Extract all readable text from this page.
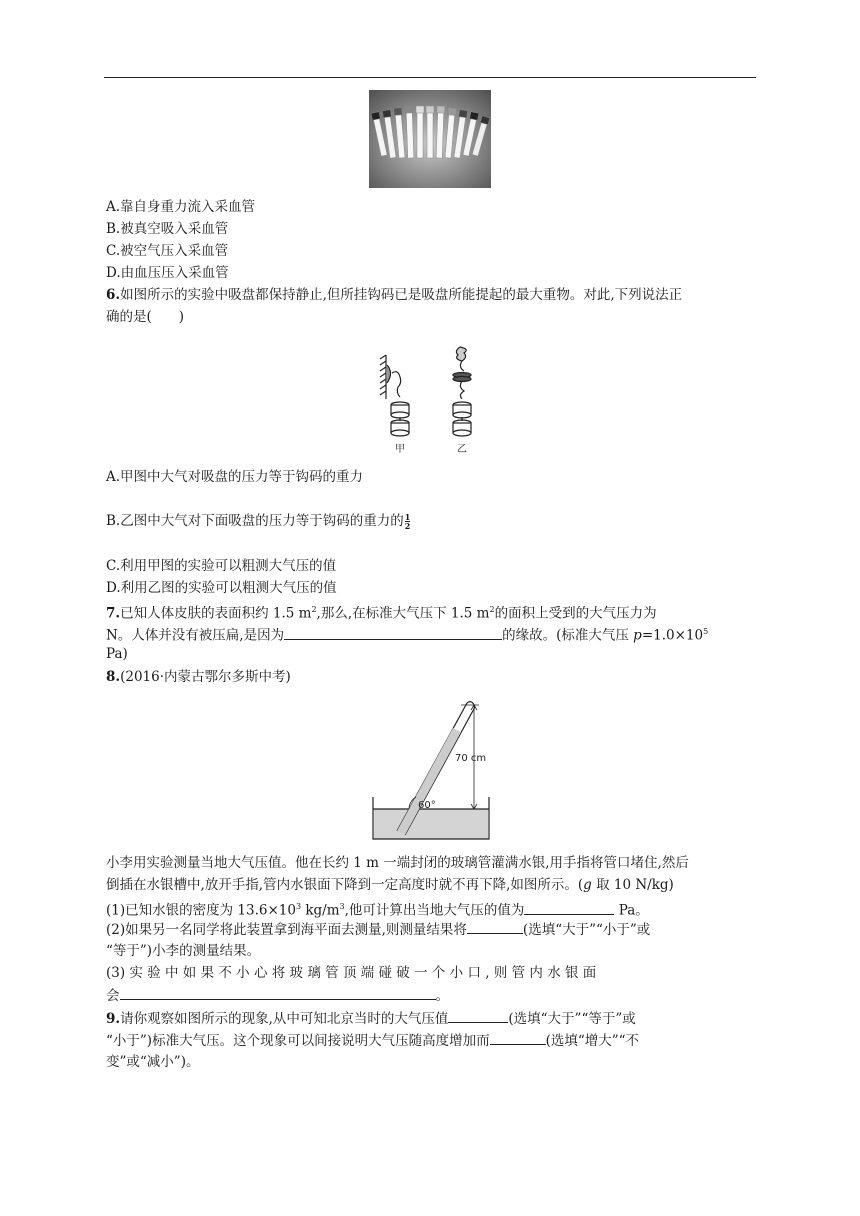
A.靠自身重力流入采血管
B.被真空吸入采血管
C.被空气压入采血管
D.由血压压入采血管
6.如图所示的实验中吸盘都保持静止,但所挂钩码已是吸盘所能提起的最大重物。对此,下列说法正
确的是(　　)
甲	乙
A.甲图中大气对吸盘的压力等于钩码的重力
B.乙图中大气对下面吸盘的压力等于钩码的重力的 $\frac{1}{2}$
C.利用甲图的实验可以粗测大气压的值
D.利用乙图的实验可以粗测大气压的值
7.已知人体皮肤的表面积约 1.5 $m^2$,那么,在标准大气压下 1.5 $m^2$的面积上受到的大气压力为
N。人体并没有被压扁,是因为	的缘故。(标准大气压 $p=1.0\times 10^5$
Pa)
8.(2016·内蒙古鄂尔多斯中考)
70 cm
60°
小李用实验测量当地大气压值。他在长约 1 m 一端封闭的玻璃管灌满水银,用手指将管口堵住,然后
倒插在水银槽中,放开手指,管内水银面下降到一定高度时就不再下降,如图所示。(g 取 10 N/kg)
(1)已知水银的密度为 $13.6\times 10^3$ $kg/m^3$,他可计算出当地大气压的值为	Pa。
(2)如果另一名同学将此装置拿到海平面去测量,则测量结果将	(选填“大于”“小于”或
“等于”)小李的测量结果。
(3) 实 验 中 如 果 不 小 心 将 玻 璃 管 顶 端 碰 破 一 个 小 口 , 则 管 内 水 银 面
会	。
9.请你观察如图所示的现象,从中可知北京当时的大气压值	(选填“大于”“等于”或
“小于”)标准大气压。这个现象可以间接说明大气压随高度增加而	(选填“增大”“不
变”或“减小”)。
